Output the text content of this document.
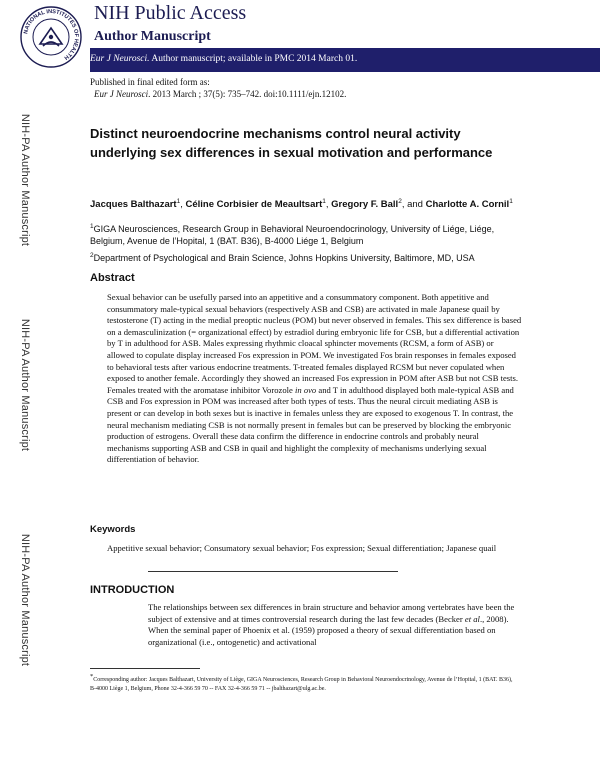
NATIONAL INSTITUTES OF HEALTH
NIH Public Access
Author Manuscript
Eur J Neurosci. Author manuscript; available in PMC 2014 March 01.
NIH-PA Author Manuscript
NIH-PA Author Manuscript
NIH-PA Author Manuscript
Published in final edited form as:
Eur J Neurosci. 2013 March ; 37(5): 735–742. doi:10.1111/ejn.12102.
Distinct neuroendocrine mechanisms control neural activity underlying sex differences in sexual motivation and performance
Jacques Balthazart$^1$, Céline Corbisier de Meaultsart$^1$, Gregory F. Ball$^2$, and Charlotte A. Cornil$^1$
$^1$GIGA Neurosciences, Research Group in Behavioral Neuroendocrinology, University of Liége, Liége, Belgium, Avenue de l’Hopital, 1 (BAT. B36), B-4000 Liége 1, Belgium
$^2$Department of Psychological and Brain Science, Johns Hopkins University, Baltimore, MD, USA
Abstract
Sexual behavior can be usefully parsed into an appetitive and a consummatory component. Both appetitive and consummatory male-typical sexual behaviors (respectively ASB and CSB) are activated in male Japanese quail by testosterone (T) acting in the medial preoptic nucleus (POM) but never observed in females. This sex difference is based on a demasculinization (= organizational effect) by estradiol during embryonic life for CSB, but a differential activation by T in adulthood for ASB. Males expressing rhythmic cloacal sphincter movements (RCSM, a form of ASB) or allowed to copulate display increased Fos expression in POM. We investigated Fos brain responses in females exposed to behavioral tests after various endocrine treatments. T-treated females displayed RCSM but never copulated when exposed to another female. Accordingly they showed an increased Fos expression in POM after ASB but not CSB tests. Females treated with the aromatase inhibitor Vorozole in ovo and T in adulthood displayed both male-typical ASB and CSB and Fos expression in POM was increased after both types of tests. Thus the neural circuit mediating ASB is present or can develop in both sexes but is inactive in females unless they are exposed to exogenous T. In contrast, the neural mechanism mediating CSB is not normally present in females but can be preserved by blocking the embryonic production of estrogens. Overall these data confirm the difference in endocrine controls and probably neural mechanisms supporting ASB and CSB in quail and highlight the complexity of mechanisms underlying sexual differentiation of behavior.
Keywords
Appetitive sexual behavior; Consumatory sexual behavior; Fos expression; Sexual differentiation; Japanese quail
INTRODUCTION
The relationships between sex differences in brain structure and behavior among vertebrates have been the subject of extensive and at times controversial research during the last few decades (Becker et al., 2008). When the seminal paper of Phoenix et al. (1959) proposed a theory of sexual differentiation based on organizational (i.e., ontogenetic) and activational
*Corresponding author: Jacques Balthazart, University of Liège, GIGA Neurosciences, Research Group in Behavioral Neuroendocrinology, Avenue de l’Hopital, 1 (BAT. B36), B-4000 Liège 1, Belgium, Phone 32-4-366 59 70 -- FAX 32-4-366 59 71 -- jbalthazart@ulg.ac.be.
